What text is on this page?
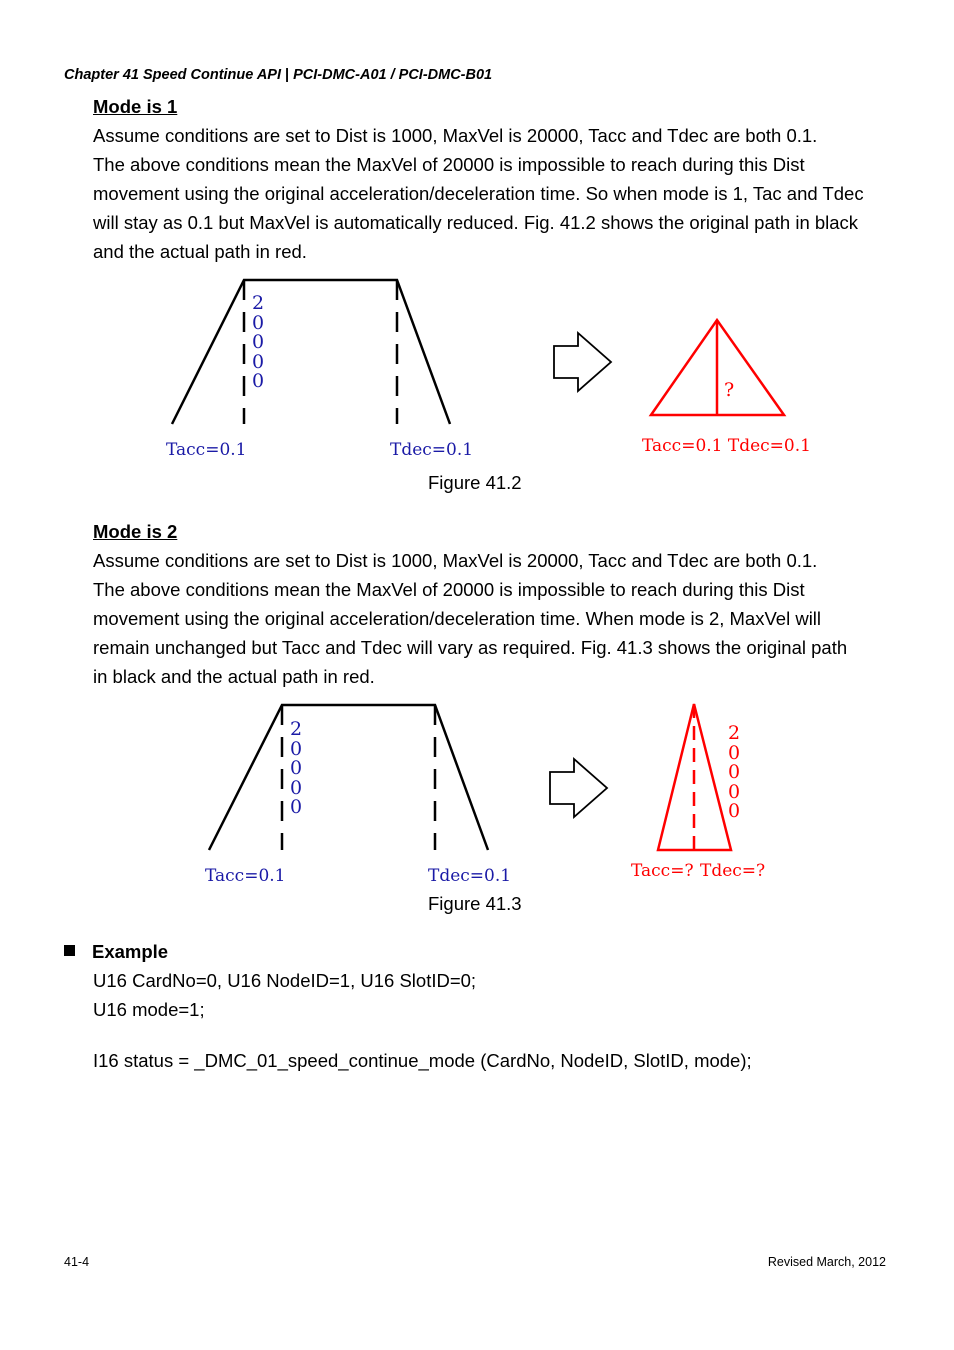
Chapter 41 Speed Continue API | PCI-DMC-A01 / PCI-DMC-B01
Mode is 1

Assume conditions are set to Dist is 1000, MaxVel is 20000, Tacc and Tdec are both 0.1.

The above conditions mean the MaxVel of 20000 is impossible to reach during this Dist

movement using the original acceleration/deceleration time. So when mode is 1, Tac and Tdec

will stay as 0.1 but MaxVel is automatically reduced. Fig. 41.2 shows the original path in black

and the actual path in red.

2
0
0
0
0
Tacc=0.1	Tdec=0.1
?
Tacc=0.1 Tdec=0.1
Figure 41.2
Mode is 2

Assume conditions are set to Dist is 1000, MaxVel is 20000, Tacc and Tdec are both 0.1.

The above conditions mean the MaxVel of 20000 is impossible to reach during this Dist

movement using the original acceleration/deceleration time. When mode is 2, MaxVel will

remain unchanged but Tacc and Tdec will vary as required. Fig. 41.3 shows the original path

in black and the actual path in red.

2
0
0
0
0
Tacc=0.1	Tdec=0.1
2
0
0
0
0
Tacc=? Tdec=?
Figure 41.3
Example
U16 CardNo=0, U16 NodeID=1, U16 SlotID=0;
U16 mode=1;
I16 status = _DMC_01_speed_continue_mode (CardNo, NodeID, SlotID, mode);
41-4	Revised March, 2012
